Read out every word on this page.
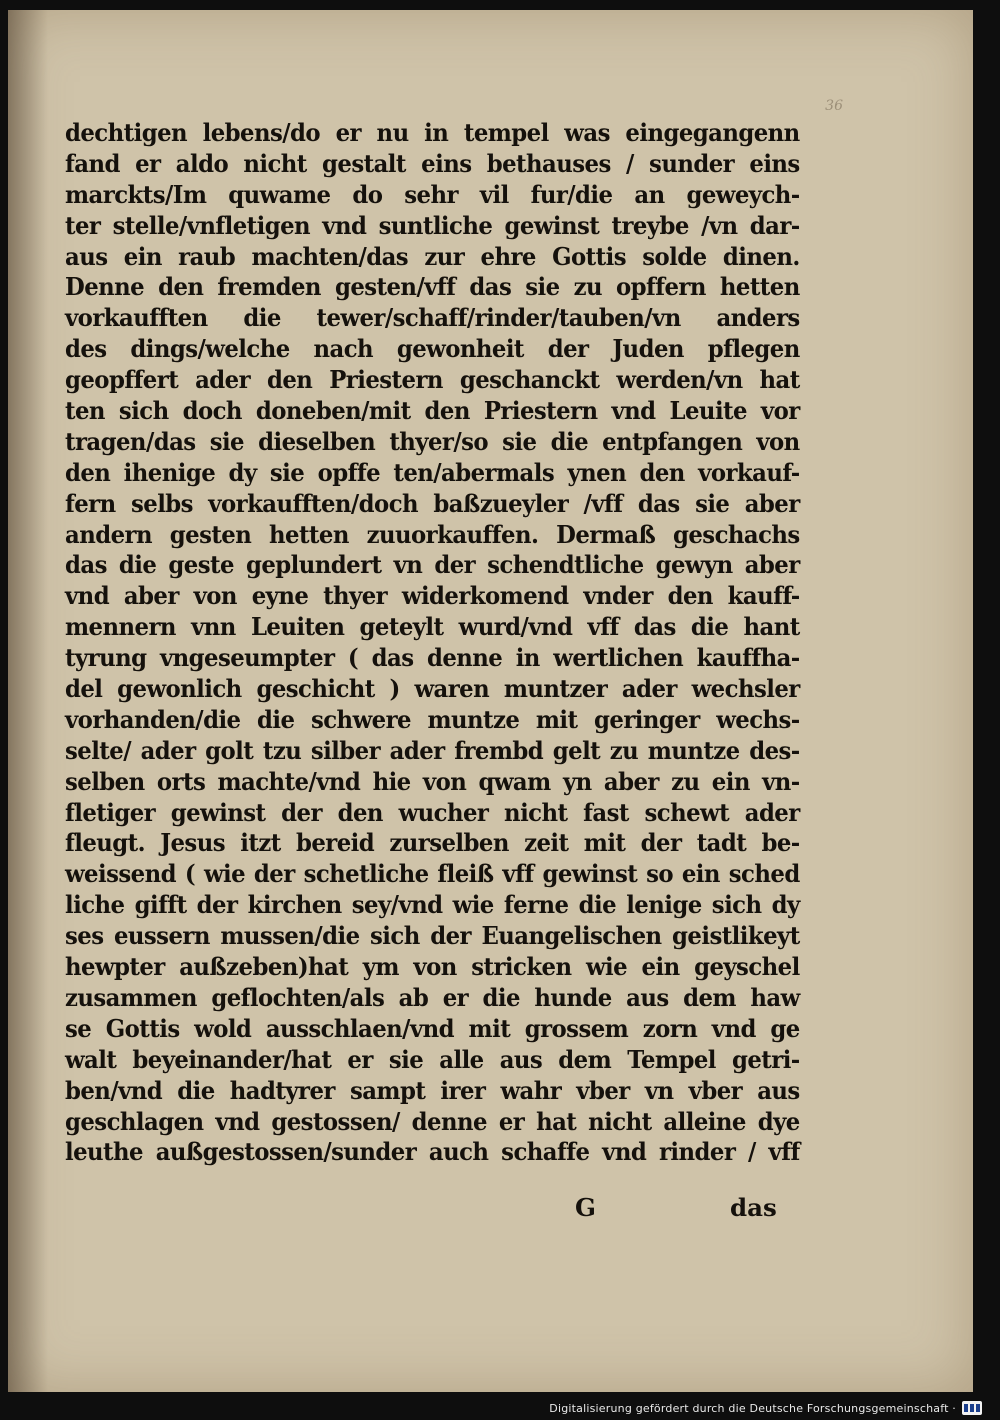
36
dechtigen lebens/do er nu in tempel was eingegangenn
fand er aldo nicht gestalt eins bethauses / sunder eins
marckts/Im quwame do sehr vil fur/die an geweych-
ter stelle/vnfletigen vnd suntliche gewinst treybe /vn dar-
aus ein raub machten/das zur ehre Gottis solde dinen.
Denne den fremden gesten/vff das sie zu opffern hetten
vorkaufften die tewer/schaff/rinder/tauben/vn anders
des dings/welche nach gewonheit der Juden pflegen
geopffert ader den Priestern geschanckt werden/vn hat
ten sich doch doneben/mit den Priestern vnd Leuite vor
tragen/das sie dieselben thyer/so sie die entpfangen von
den ihenige dy sie opffe ten/abermals ynen den vorkauf-
fern selbs vorkaufften/doch baßzueyler /vff das sie aber
andern gesten hetten zuuorkauffen. Dermaß geschachs
das die geste geplundert vn der schendtliche gewyn aber
vnd aber von eyne thyer widerkomend vnder den kauff-
mennern vnn Leuiten geteylt wurd/vnd vff das die hant
tyrung vngeseumpter ( das denne in wertlichen kauffha-
del gewonlich geschicht ) waren muntzer ader wechsler
vorhanden/die die schwere muntze mit geringer wechs-
selte/ ader golt tzu silber ader frembd gelt zu muntze des-
selben orts machte/vnd hie von qwam yn aber zu ein vn-
fletiger gewinst der den wucher nicht fast schewt ader
fleugt. Jesus itzt bereid zurselben zeit mit der tadt be-
weissend ( wie der schetliche fleiß vff gewinst so ein sched
liche gifft der kirchen sey/vnd wie ferne die lenige sich dy
ses eussern mussen/die sich der Euangelischen geistlikeyt
hewpter außzeben)hat ym von stricken wie ein geyschel
zusammen geflochten/als ab er die hunde aus dem haw
se Gottis wold ausschlaen/vnd mit grossem zorn vnd ge
walt beyeinander/hat er sie alle aus dem Tempel getri-
ben/vnd die hadtyrer sampt irer wahr vber vn vber aus
geschlagen vnd gestossen/ denne er hat nicht alleine dye
leuthe außgestossen/sunder auch schaffe vnd rinder / vff
G	das
Digitalisierung gefördert durch die Deutsche Forschungsgemeinschaft ·
